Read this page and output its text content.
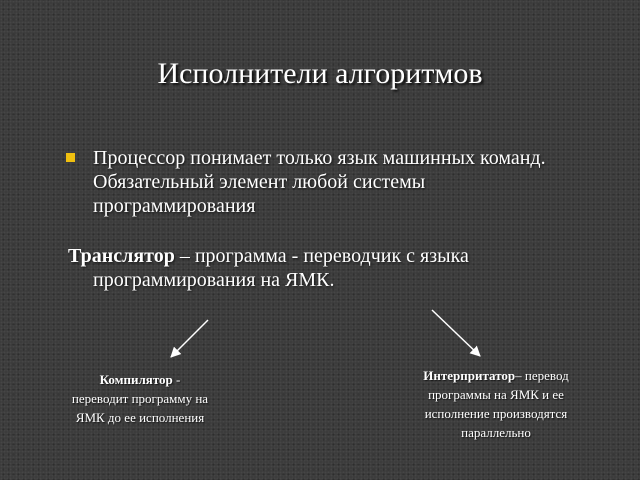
Исполнители алгоритмов
Процессор понимает только язык машинных команд.
Обязательный элемент любой системы
программирования
Транслятор – программа - переводчик с языка
программирования на ЯМК.
Компилятор -
переводит программу на
ЯМК до ее исполнения
Интерпритатор– перевод
программы на ЯМК и ее
исполнение производятся
параллельно
